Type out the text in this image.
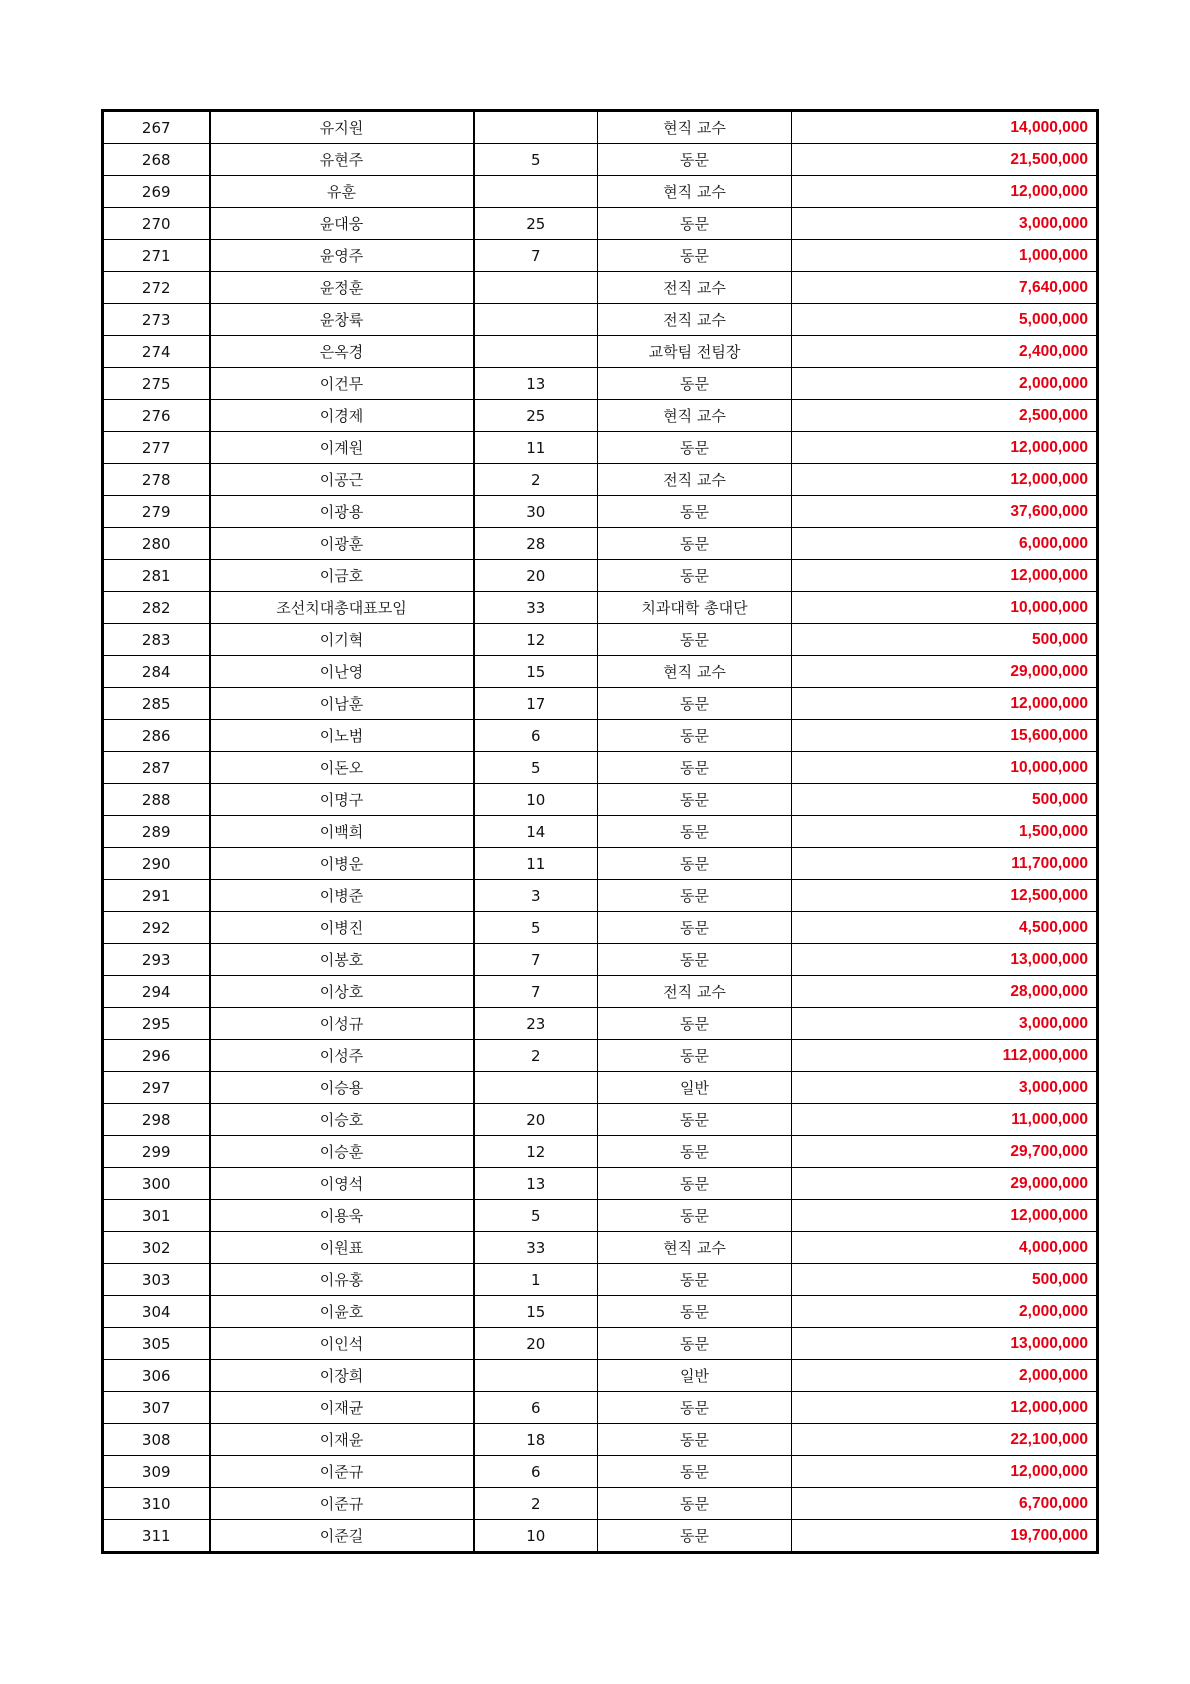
267	유지원		현직 교수	14,000,000
268	유현주	5	동문	21,500,000
269	유훈		현직 교수	12,000,000
270	윤대웅	25	동문	3,000,000
271	윤영주	7	동문	1,000,000
272	윤정훈		전직 교수	7,640,000
273	윤창륙		전직 교수	5,000,000
274	은옥경		교학팀 전팀장	2,400,000
275	이건무	13	동문	2,000,000
276	이경제	25	현직 교수	2,500,000
277	이계원	11	동문	12,000,000
278	이공근	2	전직 교수	12,000,000
279	이광용	30	동문	37,600,000
280	이광훈	28	동문	6,000,000
281	이금호	20	동문	12,000,000
282	조선치대총대표모임	33	치과대학 총대단	10,000,000
283	이기혁	12	동문	500,000
284	이난영	15	현직 교수	29,000,000
285	이남훈	17	동문	12,000,000
286	이노범	6	동문	15,600,000
287	이돈오	5	동문	10,000,000
288	이명구	10	동문	500,000
289	이백희	14	동문	1,500,000
290	이병운	11	동문	11,700,000
291	이병준	3	동문	12,500,000
292	이병진	5	동문	4,500,000
293	이봉호	7	동문	13,000,000
294	이상호	7	전직 교수	28,000,000
295	이성규	23	동문	3,000,000
296	이성주	2	동문	112,000,000
297	이승용		일반	3,000,000
298	이승호	20	동문	11,000,000
299	이승훈	12	동문	29,700,000
300	이영석	13	동문	29,000,000
301	이용욱	5	동문	12,000,000
302	이원표	33	현직 교수	4,000,000
303	이유홍	1	동문	500,000
304	이윤호	15	동문	2,000,000
305	이인석	20	동문	13,000,000
306	이장희		일반	2,000,000
307	이재균	6	동문	12,000,000
308	이재윤	18	동문	22,100,000
309	이준규	6	동문	12,000,000
310	이준규	2	동문	6,700,000
311	이준길	10	동문	19,700,000
